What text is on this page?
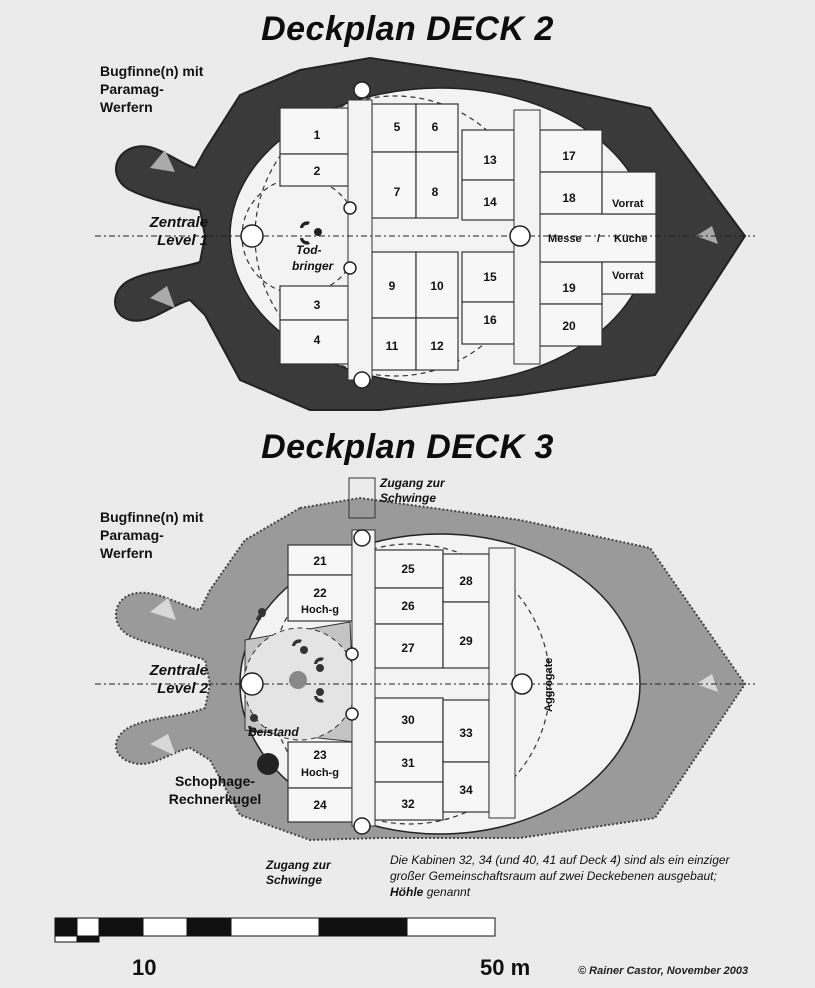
Deckplan DECK 2
Deckplan DECK 3
1
2
3
4
5	6
7	8
9	10
11	12
13
14
15
16
17
18
19
20
Messe / Küche
Vorrat
Vorrat
Tod-
bringer
21
22
23
24
25
26
27
28
29
30
31
32
33
34
Hoch-g
Hoch-g
Aggregate
Beistand
Bugfinne(n) mit
Paramag-
Werfern
Zentrale
Level 1
Bugfinne(n) mit
Paramag-
Werfern
Zentrale
Level 2
Zugang zur
Schwinge
Zugang zur
Schwinge
Schophage-
Rechnerkugel
Die Kabinen 32, 34 (und 40, 41 auf Deck 4) sind als ein einziger großer Gemeinschaftsraum auf zwei Deckebenen ausgebaut; Höhle genannt
10	50 m	© Rainer Castor, November 2003
